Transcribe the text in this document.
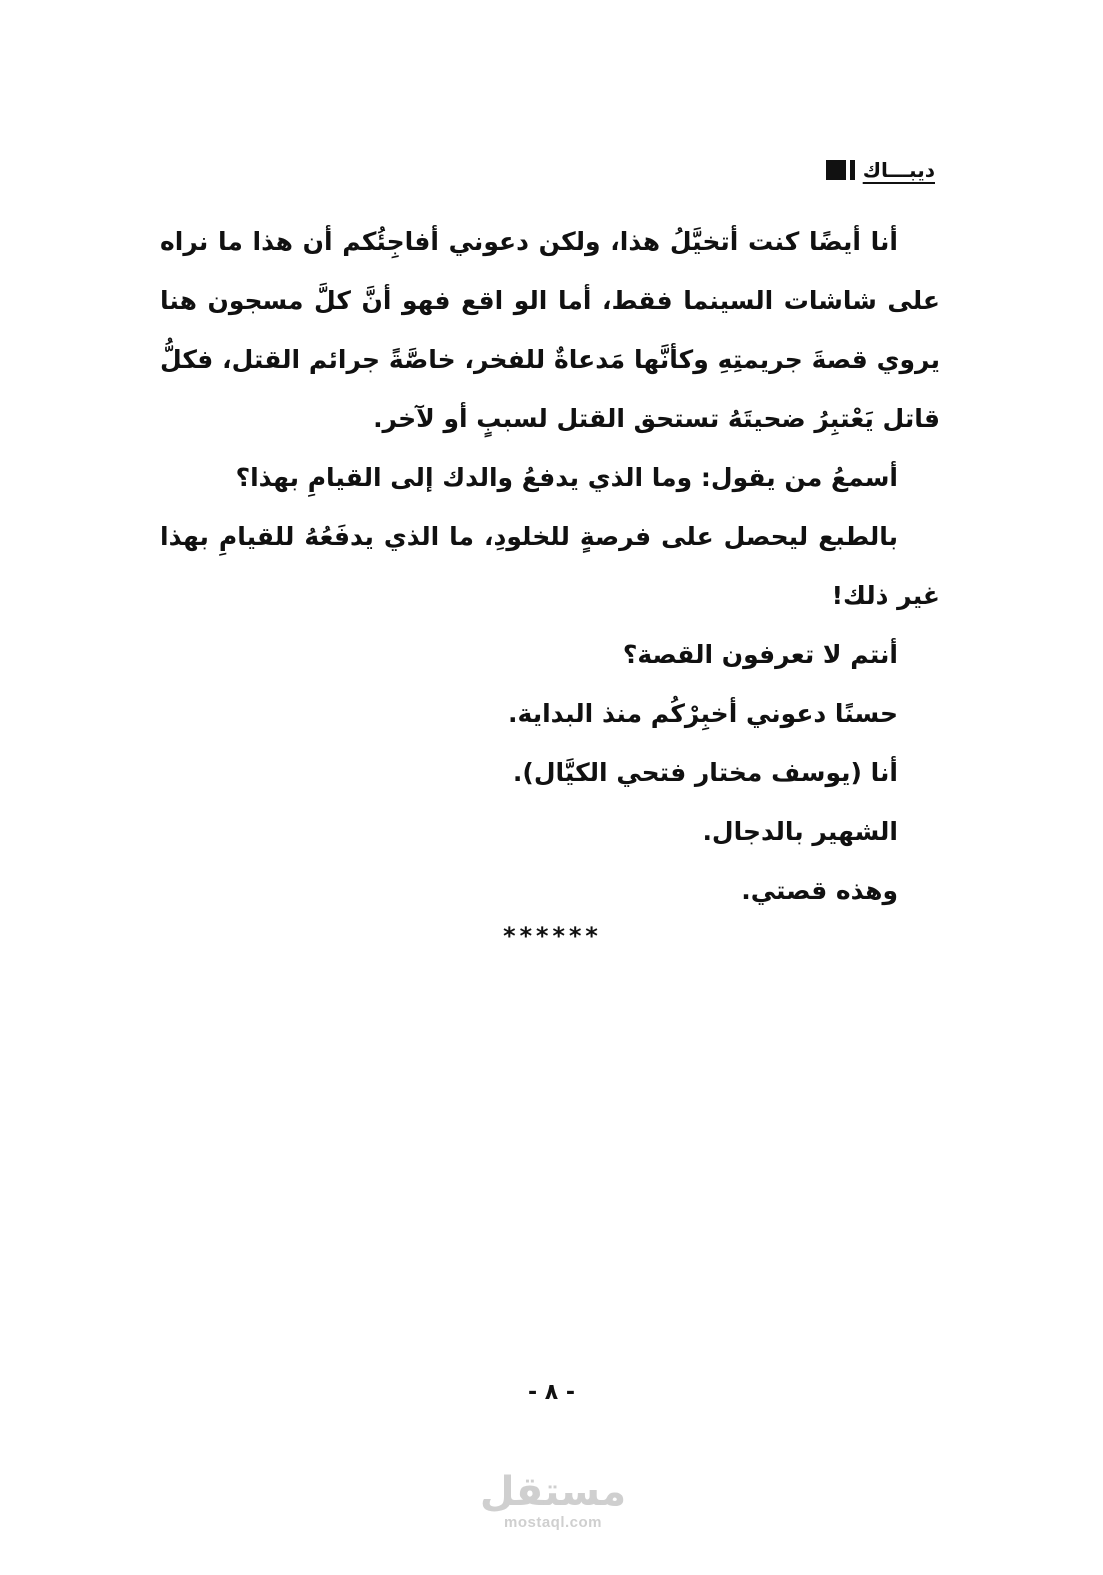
ديبـــاك

أنا أيضًا كنت أتخيَّلُ هذا، ولكن دعوني أفاجِئُكم أن هذا ما نراه على شاشات السينما فقط، أما الو اقع فهو أنَّ كلَّ مسجون هنا يروي قصةَ جريمتِهِ وكأنَّها مَدعاةٌ للفخر، خاصَّةً جرائم القتل، فكلُّ قاتل يَعْتبِرُ ضحيتَهُ تستحق القتل لسببٍ أو لآخر.

أسمعُ من يقول: وما الذي يدفعُ والدك إلى القيامِ بهذا؟

بالطبع ليحصل على فرصةٍ للخلودِ، ما الذي يدفَعُهُ للقيامِ بهذا غير ذلك!

أنتم لا تعرفون القصة؟

حسنًا دعوني أخبِرْكُم منذ البداية.

أنا (يوسف مختار فتحي الكيَّال).

الشهير بالدجال.

وهذه قصتي.

******
- ٨ -
مستقل
mostaql.com
